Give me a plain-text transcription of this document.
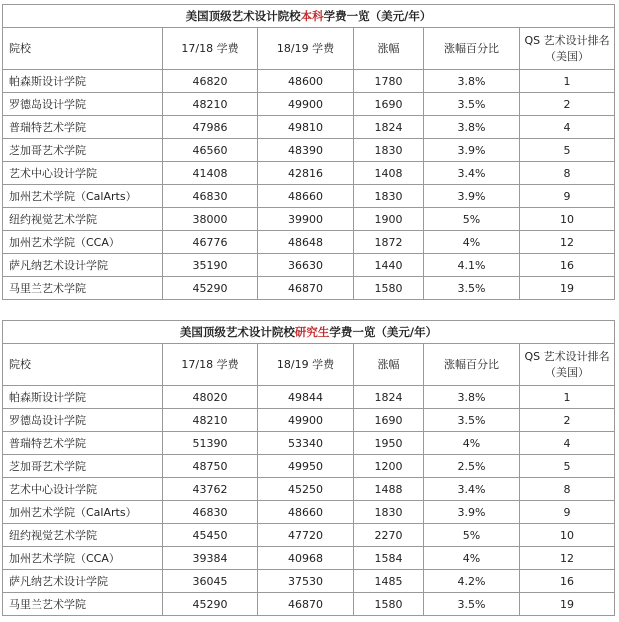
美国顶级艺术设计院校本科学费一览（美元/年）					
院校	17/18 学费	18/19 学费	涨幅	涨幅百分比	QS 艺术设计排名（美国）
帕森斯设计学院	46820	48600	1780	3.8%	1
罗德岛设计学院	48210	49900	1690	3.5%	2
普瑞特艺术学院	47986	49810	1824	3.8%	4
芝加哥艺术学院	46560	48390	1830	3.9%	5
艺术中心设计学院	41408	42816	1408	3.4%	8
加州艺术学院（CalArts）	46830	48660	1830	3.9%	9
纽约视觉艺术学院	38000	39900	1900	5%	10
加州艺术学院（CCA）	46776	48648	1872	4%	12
萨凡纳艺术设计学院	35190	36630	1440	4.1%	16
马里兰艺术学院	45290	46870	1580	3.5%	19
美国顶级艺术设计院校研究生学费一览（美元/年）					
院校	17/18 学费	18/19 学费	涨幅	涨幅百分比	QS 艺术设计排名（美国）
帕森斯设计学院	48020	49844	1824	3.8%	1
罗德岛设计学院	48210	49900	1690	3.5%	2
普瑞特艺术学院	51390	53340	1950	4%	4
芝加哥艺术学院	48750	49950	1200	2.5%	5
艺术中心设计学院	43762	45250	1488	3.4%	8
加州艺术学院（CalArts）	46830	48660	1830	3.9%	9
纽约视觉艺术学院	45450	47720	2270	5%	10
加州艺术学院（CCA）	39384	40968	1584	4%	12
萨凡纳艺术设计学院	36045	37530	1485	4.2%	16
马里兰艺术学院	45290	46870	1580	3.5%	19
